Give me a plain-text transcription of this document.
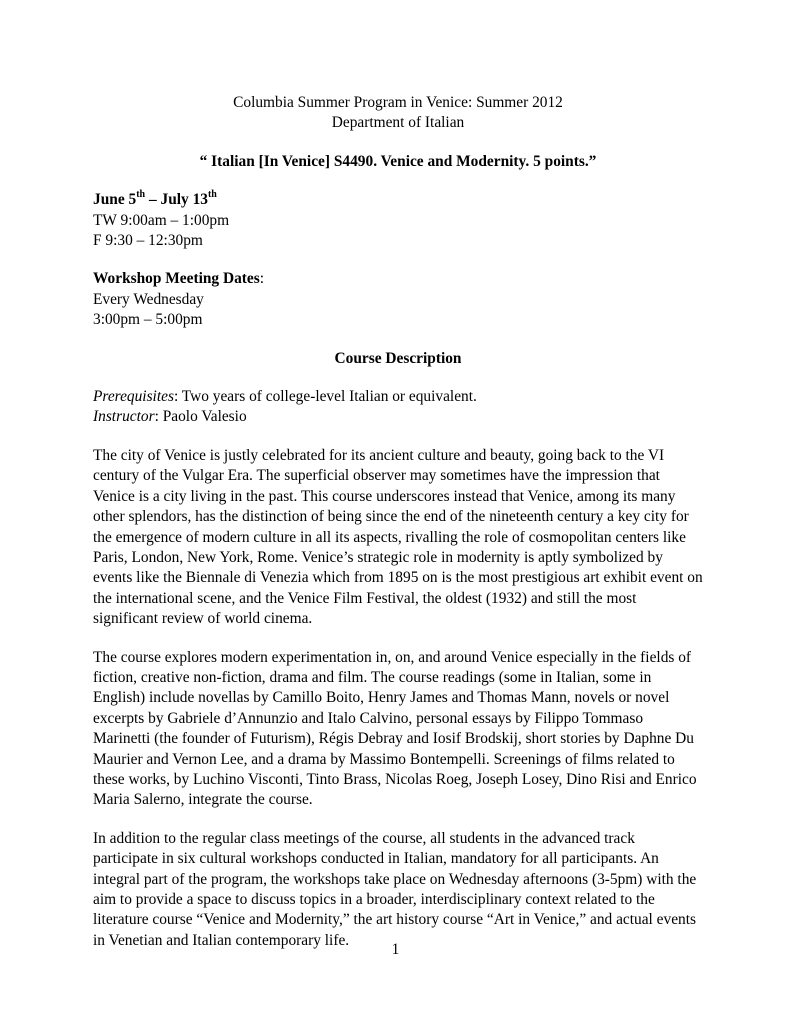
Columbia Summer Program in Venice: Summer 2012

Department of Italian

“ Italian [In Venice] S4490. Venice and Modernity. 5 points.”

June 5th – July 13th

TW 9:00am – 1:00pm

F 9:30 – 12:30pm

Workshop Meeting Dates:

Every Wednesday

3:00pm – 5:00pm

Course Description

Prerequisites: Two years of college-level Italian or equivalent.

Instructor: Paolo Valesio

The city of Venice is justly celebrated for its ancient culture and beauty, going back to the VI century of the Vulgar Era. The superficial observer may sometimes have the impression that Venice is a city living in the past. This course underscores instead that Venice, among its many other splendors, has the distinction of being since the end of the nineteenth century a key city for the emergence of modern culture in all its aspects, rivalling the role of cosmopolitan centers like Paris, London, New York, Rome. Venice’s strategic role in modernity is aptly symbolized by events like the Biennale di Venezia which from 1895 on is the most prestigious art exhibit event on the international scene, and the Venice Film Festival, the oldest (1932) and still the most significant review of world cinema.

The course explores modern experimentation in, on, and around Venice especially in the fields of fiction, creative non-fiction, drama and film. The course readings (some in Italian, some in English) include novellas by Camillo Boito, Henry James and Thomas Mann, novels or novel excerpts by Gabriele d’Annunzio and Italo Calvino, personal essays by Filippo Tommaso Marinetti (the founder of Futurism), Régis Debray and Iosif Brodskij, short stories by Daphne Du Maurier and Vernon Lee, and a drama by Massimo Bontempelli. Screenings of films related to these works, by Luchino Visconti, Tinto Brass, Nicolas Roeg, Joseph Losey, Dino Risi and Enrico Maria Salerno, integrate the course.

In addition to the regular class meetings of the course, all students in the advanced track participate in six cultural workshops conducted in Italian, mandatory for all participants. An integral part of the program, the workshops take place on Wednesday afternoons (3-5pm) with the aim to provide a space to discuss topics in a broader, interdisciplinary context related to the literature course “Venice and Modernity,” the art history course “Art in Venice,” and actual events in Venetian and Italian contemporary life.

1
